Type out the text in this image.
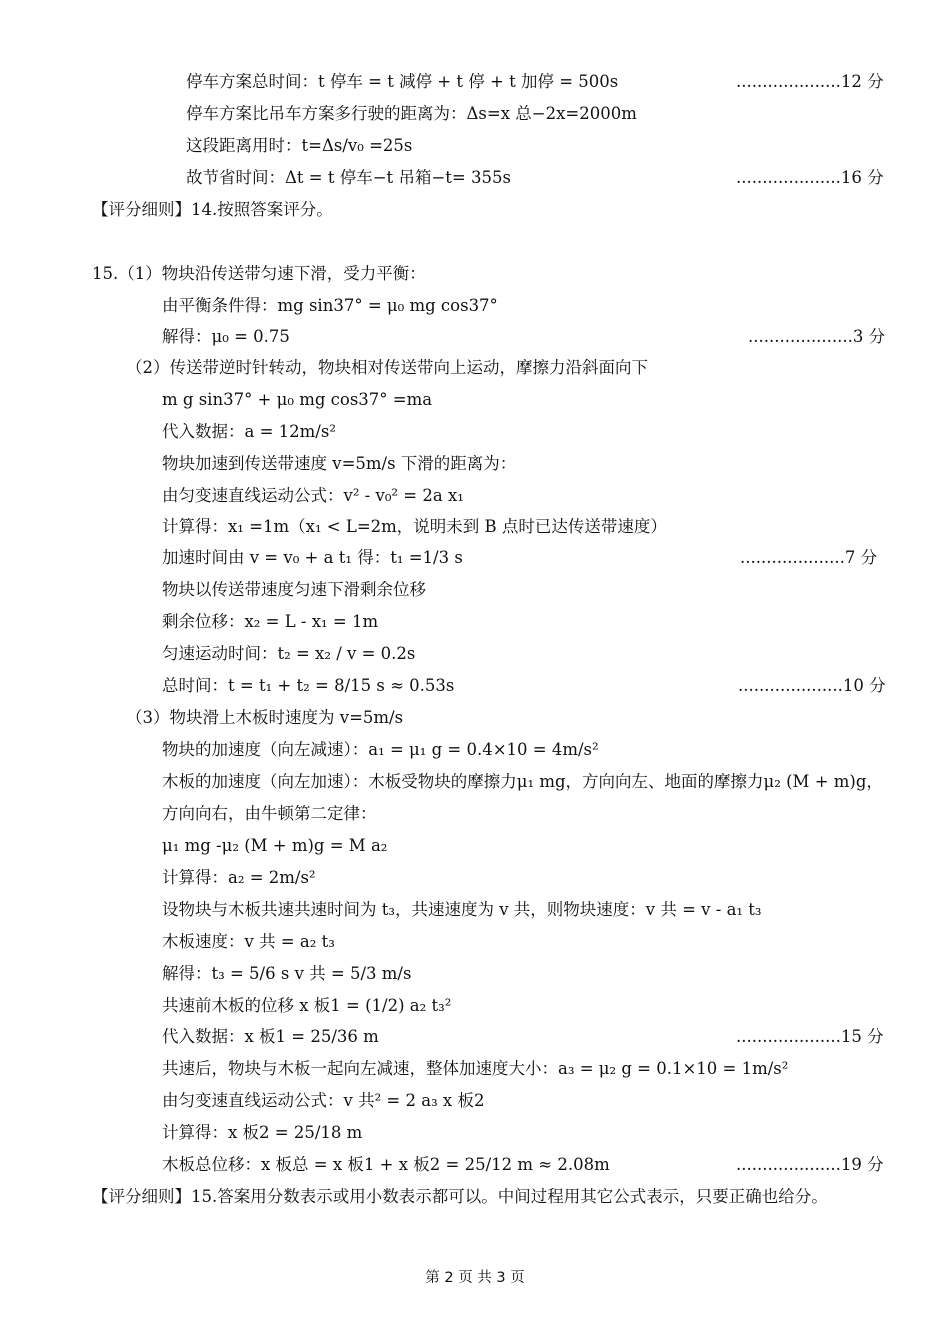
停车方案总时间：t 停车 = t 减停 + t 停 + t 加停 = 500s	....................12 分
停车方案比吊车方案多行驶的距离为：Δs=x 总−2x=2000m
这段距离用时：t=Δs/v₀ =25s
故节省时间：Δt = t 停车−t 吊箱−t= 355s	....................16 分
【评分细则】14.按照答案评分。
15.（1）物块沿传送带匀速下滑，受力平衡：
由平衡条件得：mg sin37° = μ₀ mg cos37°
解得：μ₀ = 0.75	....................3 分
（2）传送带逆时针转动，物块相对传送带向上运动，摩擦力沿斜面向下
m g sin37° + μ₀ mg cos37° =ma
代入数据：a = 12m/s²
物块加速到传送带速度 v=5m/s 下滑的距离为：
由匀变速直线运动公式：v² - v₀² = 2a x₁
计算得：x₁ =1m（x₁ < L=2m，说明未到 B 点时已达传送带速度）
加速时间由 v = v₀ + a t₁ 得：t₁ =1/3 s	....................7 分
物块以传送带速度匀速下滑剩余位移
剩余位移：x₂ = L - x₁ = 1m
匀速运动时间：t₂ = x₂ / v = 0.2s
总时间：t = t₁ + t₂ = 8/15 s ≈ 0.53s	....................10 分
（3）物块滑上木板时速度为 v=5m/s
物块的加速度（向左减速）：a₁ = μ₁ g = 0.4×10 = 4m/s²
木板的加速度（向左加速）：木板受物块的摩擦力μ₁ mg，方向向左、地面的摩擦力μ₂ (M + m)g，
方向向右，由牛顿第二定律：
μ₁ mg -μ₂ (M + m)g = M a₂
计算得：a₂ = 2m/s²
设物块与木板共速共速时间为 t₃，共速速度为 v 共，则物块速度：v 共 = v - a₁ t₃
木板速度：v 共 = a₂ t₃
解得：t₃ = 5/6 s v 共 = 5/3 m/s
共速前木板的位移 x 板1 = (1/2) a₂ t₃²
代入数据：x 板1 = 25/36 m	....................15 分
共速后，物块与木板一起向左减速，整体加速度大小：a₃ = μ₂ g = 0.1×10 = 1m/s²
由匀变速直线运动公式：v 共² = 2 a₃ x 板2
计算得：x 板2 = 25/18 m
木板总位移：x 板总 = x 板1 + x 板2 = 25/12 m ≈ 2.08m	....................19 分
【评分细则】15.答案用分数表示或用小数表示都可以。中间过程用其它公式表示，只要正确也给分。
第 2 页 共 3 页
